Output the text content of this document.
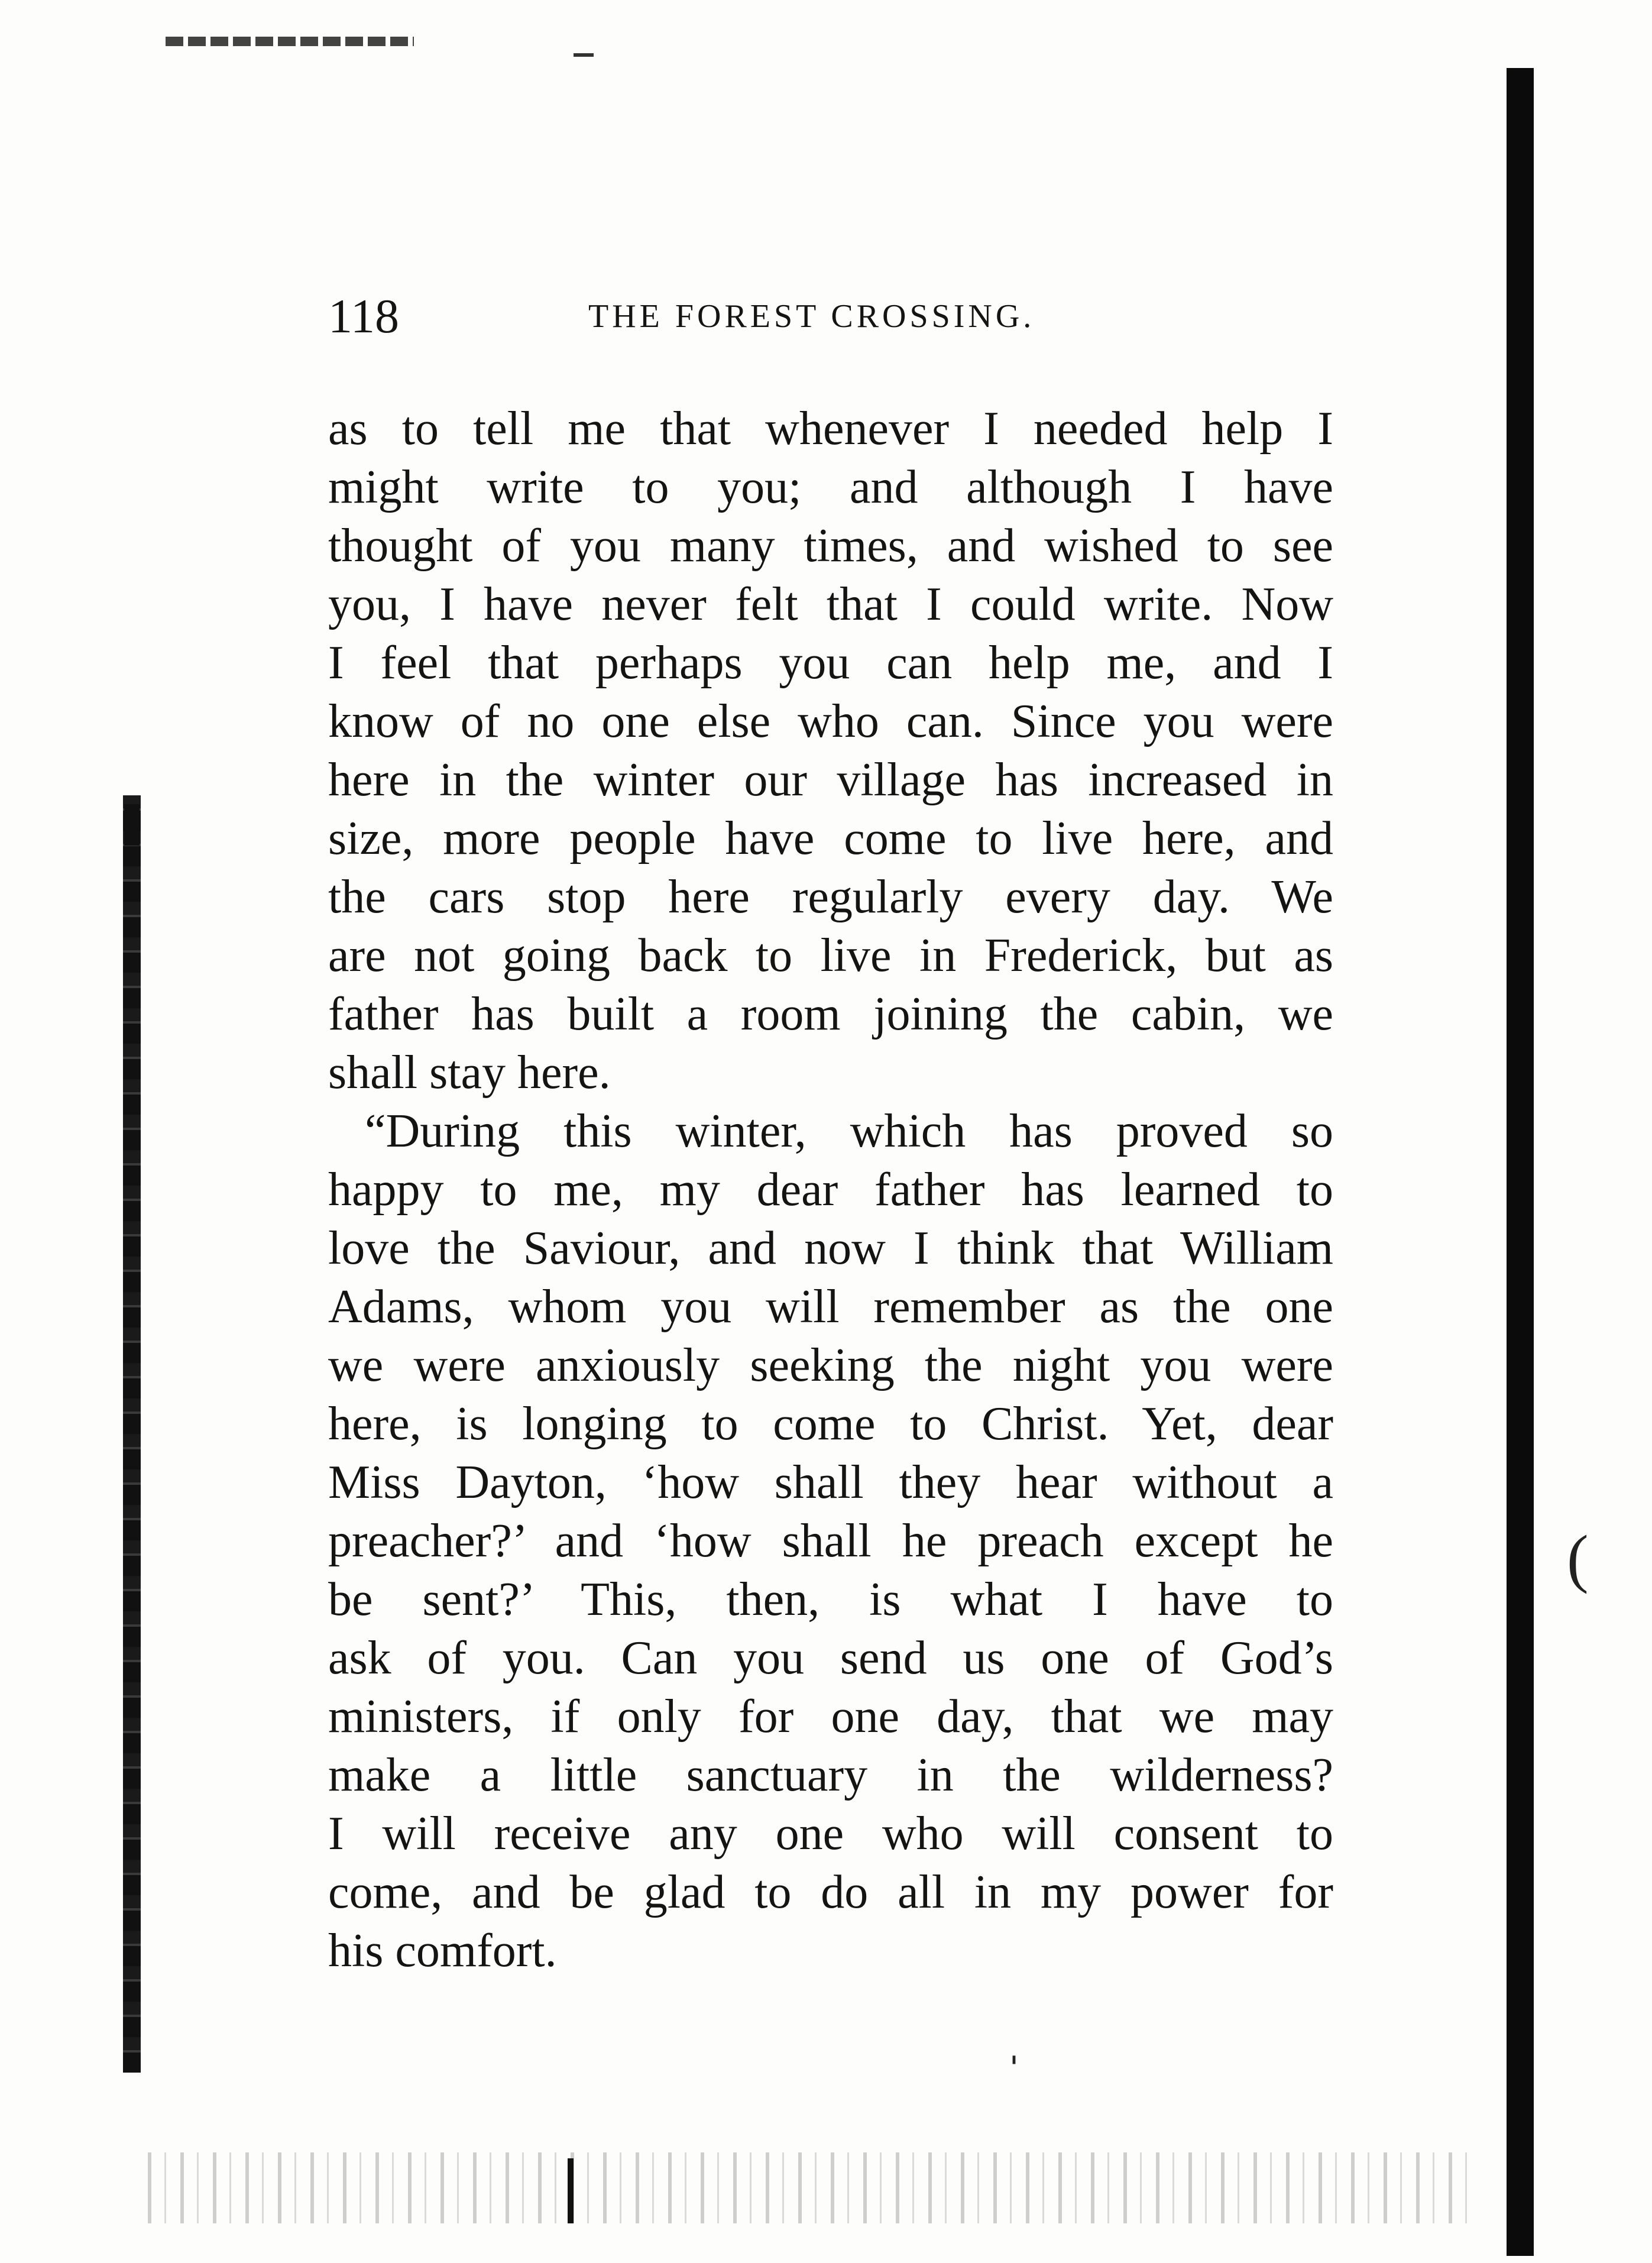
(
118	THE FOREST CROSSING.
as to tell me that whenever I needed help I
might write to you; and although I have
thought of you many times, and wished to see
you, I have never felt that I could write. Now
I feel that perhaps you can help me, and I
know of no one else who can. Since you were
here in the winter our village has increased in
size, more people have come to live here, and
the cars stop here regularly every day. We
are not going back to live in Frederick, but as
father has built a room joining the cabin, we
shall stay here.
“During this winter, which has proved so
happy to me, my dear father has learned to
love the Saviour, and now I think that William
Adams, whom you will remember as the one
we were anxiously seeking the night you were
here, is longing to come to Christ. Yet, dear
Miss Dayton, ‘how shall they hear without a
preacher?’ and ‘how shall he preach except he
be sent?’ This, then, is what I have to
ask of you. Can you send us one of God’s
ministers, if only for one day, that we may
make a little sanctuary in the wilderness?
I will receive any one who will consent to
come, and be glad to do all in my power for
his comfort.
ˌ
